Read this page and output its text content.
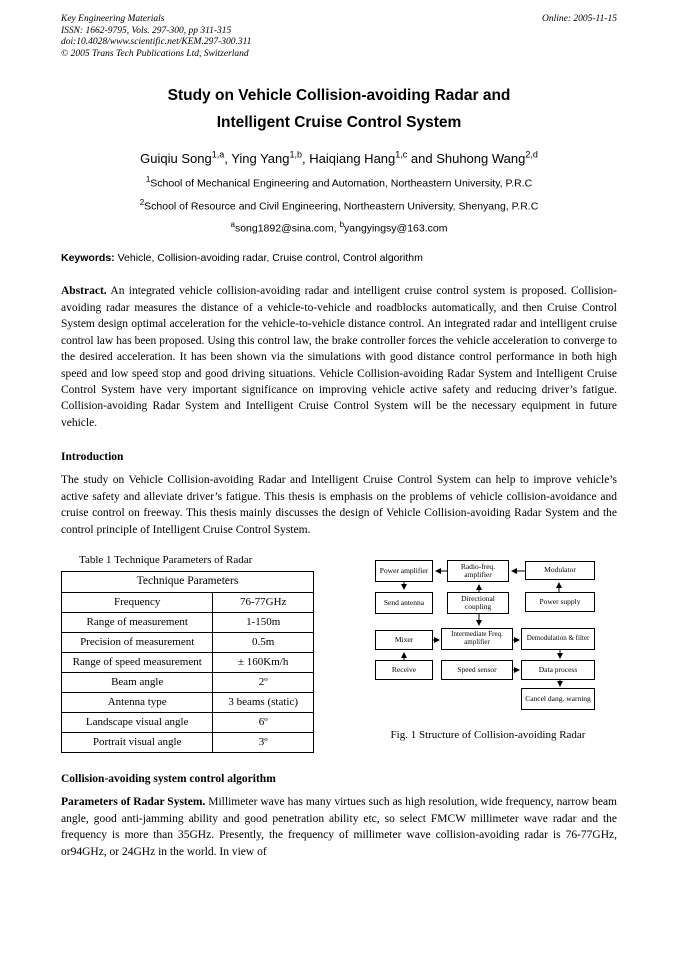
Key Engineering Materials
ISSN: 1662-9795, Vols. 297-300, pp 311-315
doi:10.4028/www.scientific.net/KEM.297-300.311
© 2005 Trans Tech Publications Ltd, Switzerland
Online: 2005-11-15
Study on Vehicle Collision-avoiding Radar and
Intelligent Cruise Control System
Guiqiu Song$^{1,a}$, Ying Yang$^{1,b}$, Haiqiang Hang$^{1,c}$ and Shuhong Wang$^{2,d}$
$^1$School of Mechanical Engineering and Automation, Northeastern University, P.R.C
$^2$School of Resource and Civil Engineering, Northeastern University, Shenyang, P.R.C
$^a$song1892@sina.com, $^b$yangyingsy@163.com
Keywords: Vehicle, Collision-avoiding radar, Cruise control, Control algorithm

Abstract. An integrated vehicle collision-avoiding radar and intelligent cruise control system is proposed. Collision-avoiding radar measures the distance of a vehicle-to-vehicle and roadblocks automatically, and then Cruise Control System design optimal acceleration for the vehicle-to-vehicle distance control. An integrated radar and intelligent cruise control law has been proposed. Using this control law, the brake controller forces the vehicle acceleration to converge to the desired acceleration. It has been shown via the simulations with good distance control performance in both high speed and low speed stop and good driving situations. Vehicle Collision-avoiding Radar System and Intelligent Cruise Control System have very important significance on improving vehicle active safety and reducing driver’s fatigue. Collision-avoiding Radar System and Intelligent Cruise Control System will be the necessary equipment in future vehicle.

Introduction

The study on Vehicle Collision-avoiding Radar and Intelligent Cruise Control System can help to improve vehicle’s active safety and alleviate driver’s fatigue. This thesis is emphasis on the problems of vehicle collision-avoidance and cruise control on freeway. This thesis mainly discusses the design of Vehicle Collision-avoiding Radar System and the control principle of Intelligent Cruise Control System.

Table 1 Technique Parameters of Radar
Technique Parameters	
Frequency	76-77GHz
Range of measurement	1-150m
Precision of measurement	0.5m
Range of speed measurement	± 160Km/h
Beam angle	2º
Antenna type	3 beams (static)
Landscape visual angle	6º
Portrait visual angle	3º
Power amplifier	Radio-freq. amplifier
Modulator
Send antenna	Directional coupling
Power supply
Mixer
Intermediate Freq. amplifier	Demodulation & filter
Receive	Speed sensor	Data process
Cancel dang. warning
Fig. 1 Structure of Collision-avoiding Radar
Collision-avoiding system control algorithm

Parameters of Radar System. Millimeter wave has many virtues such as high resolution, wide frequency, narrow beam angle, good anti-jamming ability and good penetration ability etc, so select FMCW millimeter wave radar and the frequency is more than 35GHz. Presently, the frequency of millimeter wave collision-avoiding radar is 76-77GHz, or94GHz, or 24GHz in the world. In view of
